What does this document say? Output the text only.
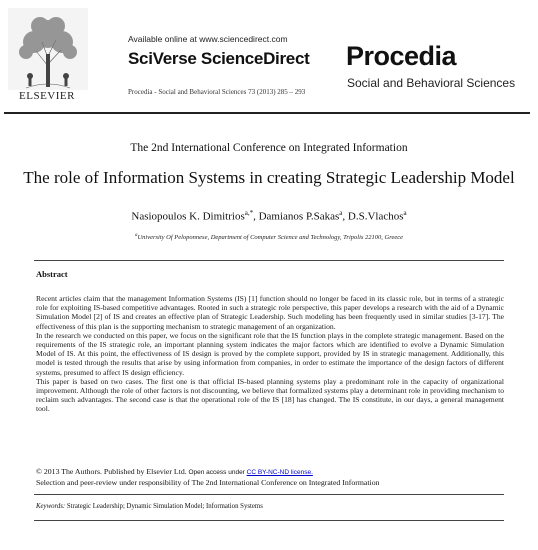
ELSEVIER
Available online at www.sciencedirect.com
SciVerse ScienceDirect
Procedia - Social and Behavioral Sciences 73 (2013) 285 – 293
Procedia
Social and Behavioral Sciences
The 2nd International Conference on Integrated Information
The role of Information Systems in creating Strategic Leadership Model
Nasiopoulos K. Dimitrios$^{a,*}$, Damianos P.Sakas$^a$, D.S.Vlachos$^a$
$^a$University Of Peloponnese, Department of Computer Science and Technology, Tripolis 22100, Greece
Abstract

Recent articles claim that the management Information Systems (IS) [1] function should no longer be faced in its classic role, but in terms of a strategic role for exploiting IS-based competitive advantages. Rooted in such a strategic role perspective, this paper develops a research with the aid of a Dynamic Simulation Model [2] of IS and creates an effective plan of Strategic Leadership. Such modeling has been frequently used in similar studies [3-17]. The effectiveness of this plan is the supporting mechanism to strategic management of an organization.

In the research we conducted on this paper, we focus on the significant role that the IS function plays in the complete strategic management. Based on the requirements of the IS strategic role, an important planning system indicates the major factors which are identified to evolve a Dynamic Simulation Model of IS. At this point, the effectiveness of IS design is proved by the complete support, provided by IS in strategic management. Additionally, this model is tested through the results that arise by using information from companies, in order to estimate the importance of the design factors of different systems, presumed to affect IS design efficiency.

This paper is based on two cases. The first one is that official IS-based planning systems play a predominant role in the capacity of organizational improvement. Although the role of other factors is not discounting, we believe that formalized systems play a determinant role in providing mechanism to reclaim such advantages. The second case is that the operational role of the IS [18] has changed. The IS constitute, in our days, a general management tool.

© 2013 The Authors. Published by Elsevier Ltd. Open access under CC BY-NC-ND license.
Selection and peer-review under responsibility of The 2nd International Conference on Integrated Information
Keywords: Strategic Leadership; Dynamic Simulation Model; Information Systems
